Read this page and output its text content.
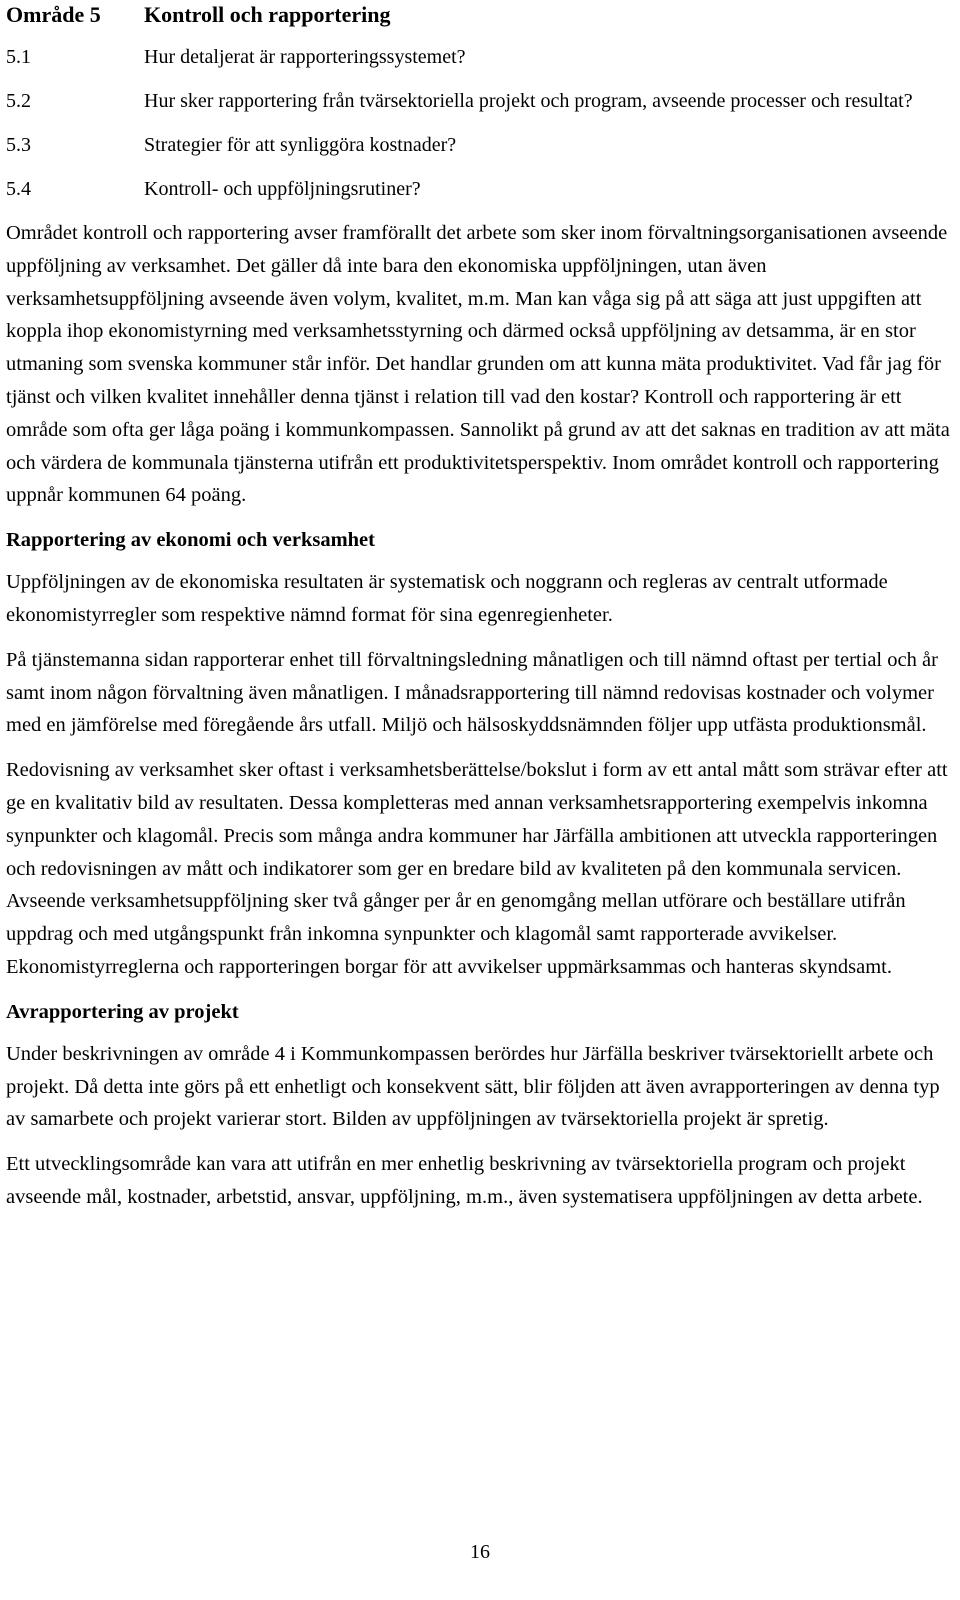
Område 5	Kontroll och rapportering
5.1	Hur detaljerat är rapporteringssystemet?
5.2	Hur sker rapportering från tvärsektoriella projekt och program, avseende processer och resultat?
5.3	Strategier för att synliggöra kostnader?
5.4	Kontroll- och uppföljningsrutiner?

Området kontroll och rapportering avser framförallt det arbete som sker inom förvaltningsorganisationen avseende uppföljning av verksamhet. Det gäller då inte bara den ekonomiska uppföljningen, utan även verksamhetsuppföljning avseende även volym, kvalitet, m.m. Man kan våga sig på att säga att just uppgiften att koppla ihop ekonomistyrning med verksamhetsstyrning och därmed också uppföljning av detsamma, är en stor utmaning som svenska kommuner står inför. Det handlar grunden om att kunna mäta produktivitet. Vad får jag för tjänst och vilken kvalitet innehåller denna tjänst i relation till vad den kostar? Kontroll och rapportering är ett område som ofta ger låga poäng i kommunkompassen. Sannolikt på grund av att det saknas en tradition av att mäta och värdera de kommunala tjänsterna utifrån ett produktivitetsperspektiv. Inom området kontroll och rapportering uppnår kommunen 64 poäng.

Rapportering av ekonomi och verksamhet

Uppföljningen av de ekonomiska resultaten är systematisk och noggrann och regleras av centralt utformade ekonomistyrregler som respektive nämnd format för sina egenregienheter.

På tjänstemanna sidan rapporterar enhet till förvaltningsledning månatligen och till nämnd oftast per tertial och år samt inom någon förvaltning även månatligen. I månadsrapportering till nämnd redovisas kostnader och volymer med en jämförelse med föregående års utfall. Miljö och hälsoskyddsnämnden följer upp utfästa produktionsmål.

Redovisning av verksamhet sker oftast i verksamhetsberättelse/bokslut i form av ett antal mått som strävar efter att ge en kvalitativ bild av resultaten. Dessa kompletteras med annan verksamhetsrapportering exempelvis inkomna synpunkter och klagomål. Precis som många andra kommuner har Järfälla ambitionen att utveckla rapporteringen och redovisningen av mått och indikatorer som ger en bredare bild av kvaliteten på den kommunala servicen. Avseende verksamhetsuppföljning sker två gånger per år en genomgång mellan utförare och beställare utifrån uppdrag och med utgångspunkt från inkomna synpunkter och klagomål samt rapporterade avvikelser. Ekonomistyrreglerna och rapporteringen borgar för att avvikelser uppmärksammas och hanteras skyndsamt.

Avrapportering av projekt

Under beskrivningen av område 4 i Kommunkompassen berördes hur Järfälla beskriver tvärsektoriellt arbete och projekt. Då detta inte görs på ett enhetligt och konsekvent sätt, blir följden att även avrapporteringen av denna typ av samarbete och projekt varierar stort. Bilden av uppföljningen av tvärsektoriella projekt är spretig.

Ett utvecklingsområde kan vara att utifrån en mer enhetlig beskrivning av tvärsektoriella program och projekt avseende mål, kostnader, arbetstid, ansvar, uppföljning, m.m., även systematisera uppföljningen av detta arbete.

16
